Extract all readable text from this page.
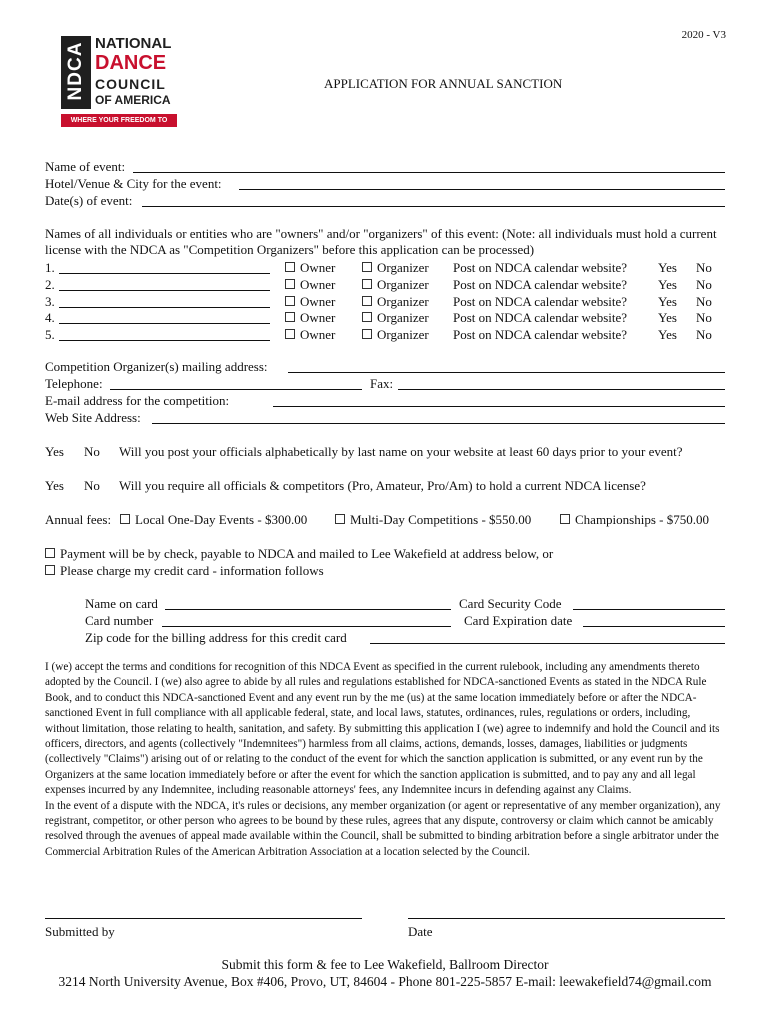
2020 - V3
NDCA NATIONAL
DANCE
COUNCIL
OF AMERICA
WHERE YOUR FREEDOM TO DANCE LIVES
APPLICATION FOR ANNUAL SANCTION
Name of event:
Hotel/Venue & City for the event:
Date(s) of event:
Names of all individuals or entities who are "owners" and/or "organizers" of this event: (Note: all individuals must hold a current license with the NDCA as "Competition Organizers" before this application can be processed)
1.	Owner	Organizer Post on NDCA calendar website? Yes No
2.	Owner	Organizer Post on NDCA calendar website? Yes No
3.	Owner	Organizer Post on NDCA calendar website? Yes No
4.	Owner	Organizer Post on NDCA calendar website? Yes No
5.	Owner	Organizer Post on NDCA calendar website? Yes No
Competition Organizer(s) mailing address:
Telephone:	Fax:
E-mail address for the competition:
Web Site Address:
Yes No Will you post your officials alphabetically by last name on your website at least 60 days prior to your event?
Yes No Will you require all officials & competitors (Pro, Amateur, Pro/Am) to hold a current NDCA license?
Annual fees:	Local One-Day Events - $300.00	Multi-Day Competitions - $550.00	Championships - $750.00
Payment will be by check, payable to NDCA and mailed to Lee Wakefield at address below, or
Please charge my credit card - information follows
Name on card	Card Security Code
Card number	Card Expiration date
Zip code for the billing address for this credit card

I (we) accept the terms and conditions for recognition of this NDCA Event as specified in the current rulebook, including any amendments thereto adopted by the Council. I (we) also agree to abide by all rules and regulations established for NDCA-sanctioned Events as stated in the NDCA Rule Book, and to conduct this NDCA-sanctioned Event and any event run by the me (us) at the same location immediately before or after the NDCA-sanctioned Event in full compliance with all applicable federal, state, and local laws, statutes, ordinances, rules, regulations or orders, including, without limitation, those relating to health, sanitation, and safety. By submitting this application I (we) agree to indemnify and hold the Council and its officers, directors, and agents (collectively "Indemnitees") harmless from all claims, actions, demands, losses, damages, liabilities or judgments (collectively "Claims") arising out of or relating to the conduct of the event for which the sanction application is submitted, or any event run by the Organizers at the same location immediately before or after the event for which the sanction application is submitted, and to pay any and all legal expenses incurred by any Indemnitee, including reasonable attorneys' fees, any Indemnitee incurs in defending against any Claims.

In the event of a dispute with the NDCA, it's rules or decisions, any member organization (or agent or representative of any member organization), any registrant, competitor, or other person who agrees to be bound by these rules, agrees that any dispute, controversy or claim which cannot be amicably resolved through the avenues of appeal made available within the Council, shall be submitted to binding arbitration before a single arbitrator under the Commercial Arbitration Rules of the American Arbitration Association at a location selected by the Council.

Submitted by	Date
Submit this form & fee to Lee Wakefield, Ballroom Director
3214 North University Avenue, Box #406, Provo, UT, 84604 - Phone 801-225-5857 E-mail: leewakefield74@gmail.com
